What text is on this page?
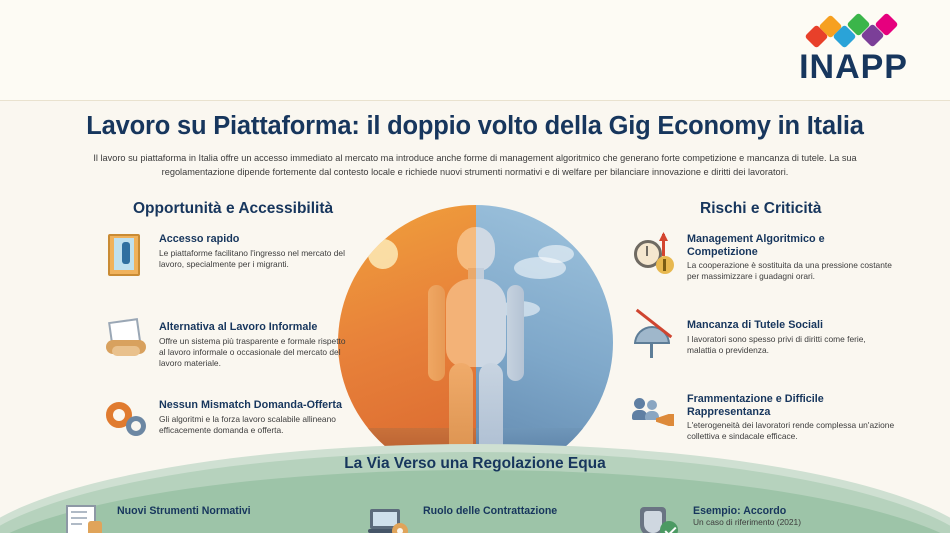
INAPP
Lavoro su Piattaforma: il doppio volto della Gig Economy in Italia
Il lavoro su piattaforma in Italia offre un accesso immediato al mercato ma introduce anche forme di management algoritmico che generano forte competizione e mancanza di tutele. La sua regolamentazione dipende fortemente dal contesto locale e richiede nuovi strumenti normativi e di welfare per bilanciare innovazione e diritti dei lavoratori.
Opportunità e Accessibilità	Rischi e Criticità
La Via Verso una Regolazione Equa
Accesso rapido
Le piattaforme facilitano l'ingresso nel mercato del lavoro, specialmente per i migranti.
Alternativa al Lavoro Informale
Offre un sistema più trasparente e formale rispetto al lavoro informale o occasionale del mercato del lavoro materiale.
Nessun Mismatch Domanda-Offerta
Gli algoritmi e la forza lavoro scalabile allineano efficacemente domanda e offerta.
Management Algoritmico e Competizione
La cooperazione è sostituita da una pressione costante per massimizzare i guadagni orari.
Mancanza di Tutele Sociali
I lavoratori sono spesso privi di diritti come ferie, malattia o previdenza.
Frammentazione e Difficile Rappresentanza
L'eterogeneità dei lavoratori rende complessa un'azione collettiva e sindacale efficace.
Nuovi Strumenti Normativi	Ruolo delle Contrattazione	Esempio: Accordo
Un caso di riferimento (2021)
